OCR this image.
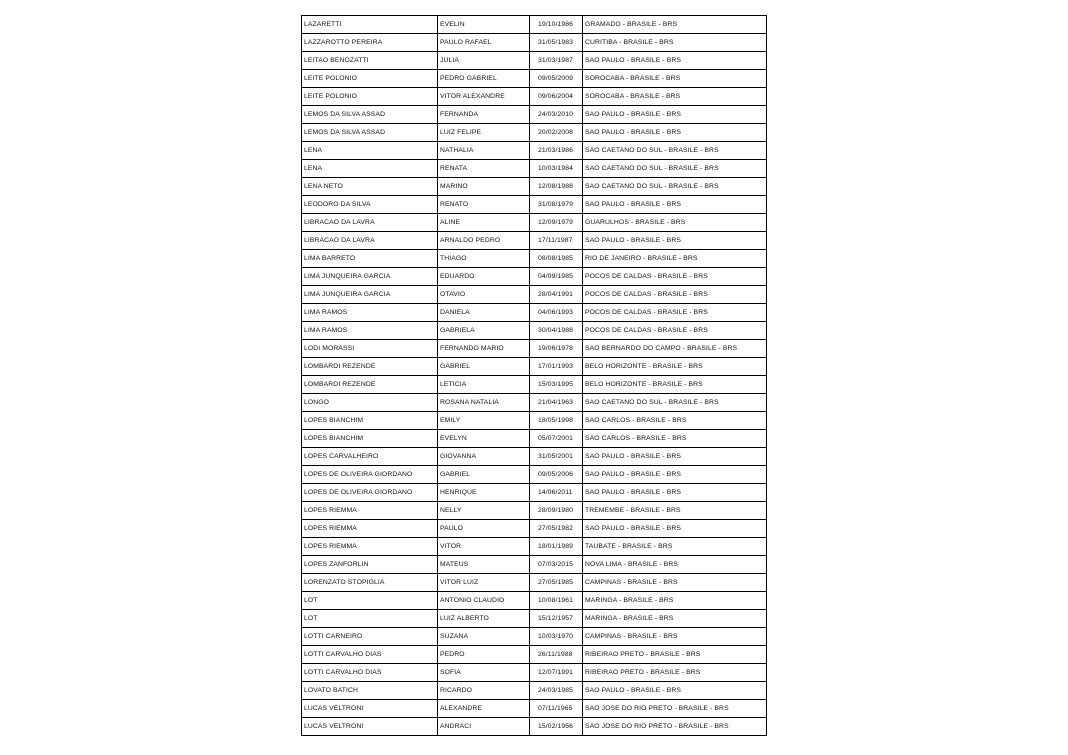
LAZARETTI	EVELIN	19/10/1986	GRAMADO - BRASILE - BRS
LAZZAROTTO PEREIRA	PAULO RAFAEL	31/05/1983	CURITIBA - BRASILE - BRS
LEITAO BENOZATTI	JULIA	31/03/1987	SAO PAULO - BRASILE - BRS
LEITE POLONIO	PEDRO GABRIEL	09/05/2009	SOROCABA - BRASILE - BRS
LEITE POLONIO	VITOR ALEXANDRE	09/06/2004	SOROCABA - BRASILE - BRS
LEMOS DA SILVA ASSAD	FERNANDA	24/03/2010	SAO PAULO - BRASILE - BRS
LEMOS DA SILVA ASSAD	LUIZ FELIPE	20/02/2008	SAO PAULO - BRASILE - BRS
LENA	NATHALIA	21/03/1986	SAO CAETANO DO SUL - BRASILE - BRS
LENA	RENATA	10/03/1984	SAO CAETANO DO SUL - BRASILE - BRS
LENA NETO	MARINO	12/08/1988	SAO CAETANO DO SUL - BRASILE - BRS
LEODORO DA SILVA	RENATO	31/08/1979	SAO PAULO - BRASILE - BRS
LIBRACAO DA LAVRA	ALINE	12/09/1979	GUARULHOS - BRASILE - BRS
LIBRACAO DA LAVRA	ARNALDO PEDRO	17/11/1987	SAO PAULO - BRASILE - BRS
LIMA BARRETO	THIAGO	08/08/1985	RIO DE JANEIRO - BRASILE - BRS
LIMA JUNQUEIRA GARCIA	EDUARDO	04/09/1985	POCOS DE CALDAS - BRASILE - BRS
LIMA JUNQUEIRA GARCIA	OTAVIO	28/04/1991	POCOS DE CALDAS - BRASILE - BRS
LIMA RAMOS	DANIELA	04/06/1993	POCOS DE CALDAS - BRASILE - BRS
LIMA RAMOS	GABRIELA	30/04/1988	POCOS DE CALDAS - BRASILE - BRS
LODI MORASSI	FERNANDO MARIO	19/06/1978	SAO BERNARDO DO CAMPO - BRASILE - BRS
LOMBARDI REZENDE	GABRIEL	17/01/1993	BELO HORIZONTE - BRASILE - BRS
LOMBARDI REZENDE	LETICIA	15/03/1995	BELO HORIZONTE - BRASILE - BRS
LONGO	ROSANA NATALIA	21/04/1963	SAO CAETANO DO SUL - BRASILE - BRS
LOPES BIANCHIM	EMILY	18/05/1998	SAO CARLOS - BRASILE - BRS
LOPES BIANCHIM	EVELYN	05/07/2001	SAO CARLOS - BRASILE - BRS
LOPES CARVALHEIRO	GIOVANNA	31/05/2001	SAO PAULO - BRASILE - BRS
LOPES DE OLIVEIRA GIORDANO	GABRIEL	09/05/2006	SAO PAULO - BRASILE - BRS
LOPES DE OLIVEIRA GIORDANO	HENRIQUE	14/06/2011	SAO PAULO - BRASILE - BRS
LOPES RIEMMA	NELLY	28/09/1980	TREMEMBE - BRASILE - BRS
LOPES RIEMMA	PAULO	27/05/1982	SAO PAULO - BRASILE - BRS
LOPES RIEMMA	VITOR	18/01/1989	TAUBATE - BRASILE - BRS
LOPES ZANFORLIN	MATEUS	07/03/2015	NOVA LIMA - BRASILE - BRS
LORENZATO STOPIGLIA	VITOR LUIZ	27/05/1985	CAMPINAS - BRASILE - BRS
LOT	ANTONIO CLAUDIO	10/08/1961	MARINGA - BRASILE - BRS
LOT	LUIZ ALBERTO	15/12/1957	MARINGA - BRASILE - BRS
LOTTI CARNEIRO	SUZANA	10/03/1970	CAMPINAS - BRASILE - BRS
LOTTI CARVALHO DIAS	PEDRO	26/11/1988	RIBEIRAO PRETO - BRASILE - BRS
LOTTI CARVALHO DIAS	SOFIA	12/07/1991	RIBEIRAO PRETO - BRASILE - BRS
LOVATO BATICH	RICARDO	24/03/1985	SAO PAULO - BRASILE - BRS
LUCAS VELTRONI	ALEXANDRE	07/11/1965	SAO JOSE DO RIO PRETO - BRASILE - BRS
LUCAS VELTRONI	ANDRACI	15/02/1956	SAO JOSE DO RIO PRETO - BRASILE - BRS
